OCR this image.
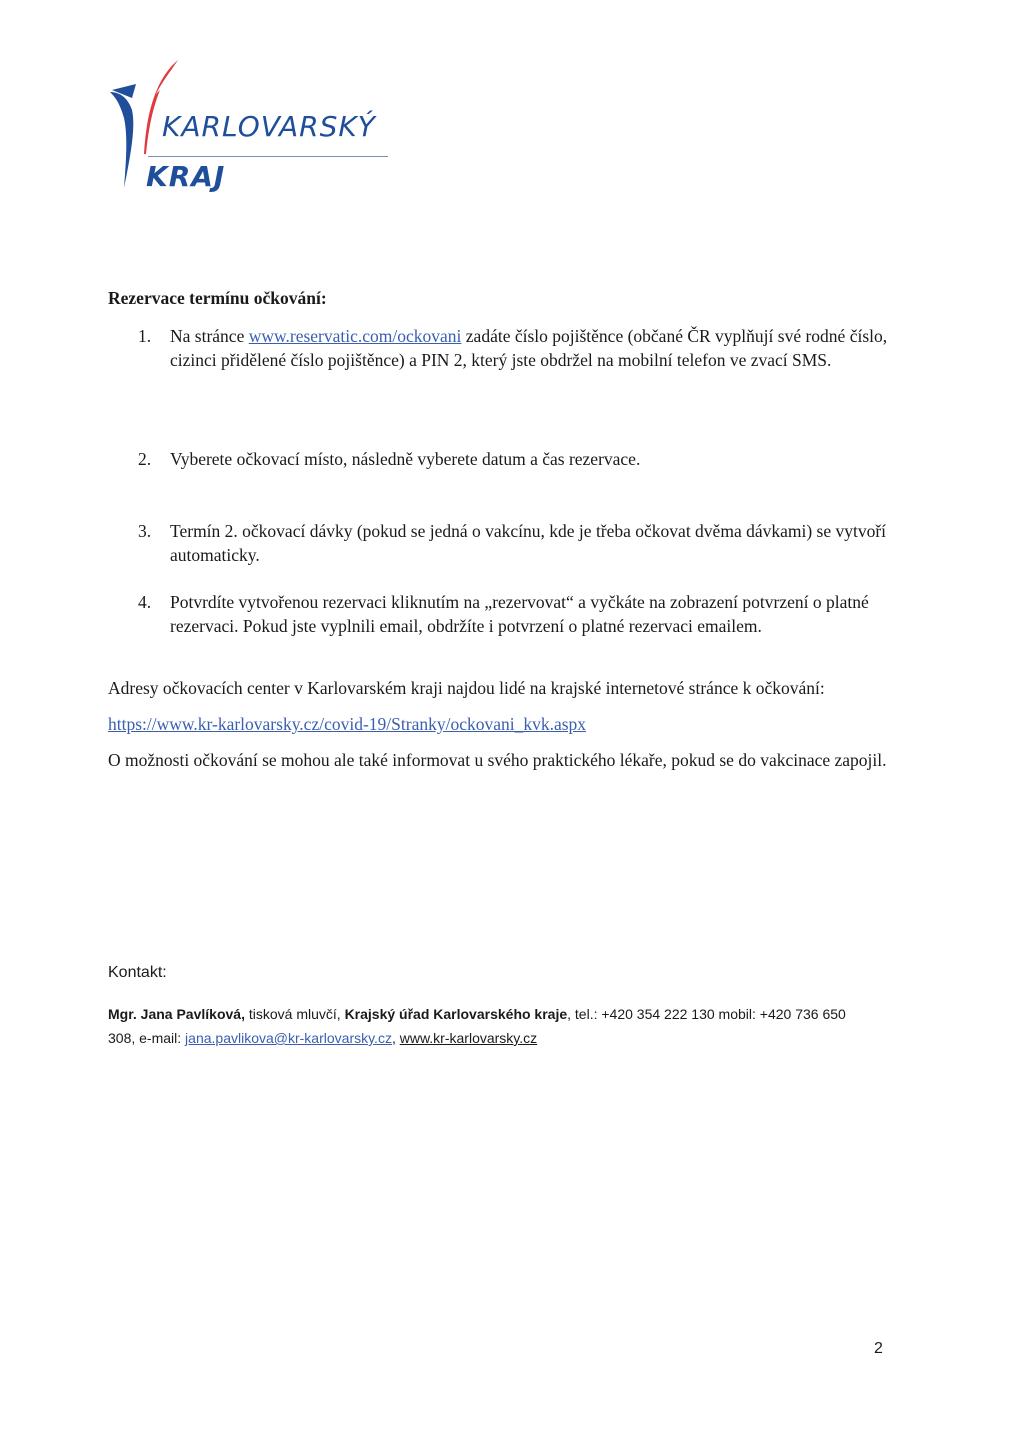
KARLOVARSKÝ
KRAJ
Rezervace termínu očkování:
1. Na stránce www.reservatic.com/ockovani zadáte číslo pojištěnce (občané ČR vyplňují své rodné číslo, cizinci přidělené číslo pojištěnce) a PIN 2, který jste obdržel na mobilní telefon ve zvací SMS.
2. Vyberete očkovací místo, následně vyberete datum a čas rezervace.
3. Termín 2. očkovací dávky (pokud se jedná o vakcínu, kde je třeba očkovat dvěma dávkami) se vytvoří automaticky.
4. Potvrdíte vytvořenou rezervaci kliknutím na „rezervovat“ a vyčkáte na zobrazení potvrzení o platné rezervaci. Pokud jste vyplnili email, obdržíte i potvrzení o platné rezervaci emailem.
Adresy očkovacích center v Karlovarském kraji najdou lidé na krajské internetové stránce k očkování:
https://www.kr-karlovarsky.cz/covid-19/Stranky/ockovani_kvk.aspx
O možnosti očkování se mohou ale také informovat u svého praktického lékaře, pokud se do vakcinace zapojil.
Kontakt:
Mgr. Jana Pavlíková, tisková mluvčí, Krajský úřad Karlovarského kraje, tel.: +420 354 222 130 mobil: +420 736 650 308, e-mail: jana.pavlikova@kr-karlovarsky.cz, www.kr-karlovarsky.cz
2
